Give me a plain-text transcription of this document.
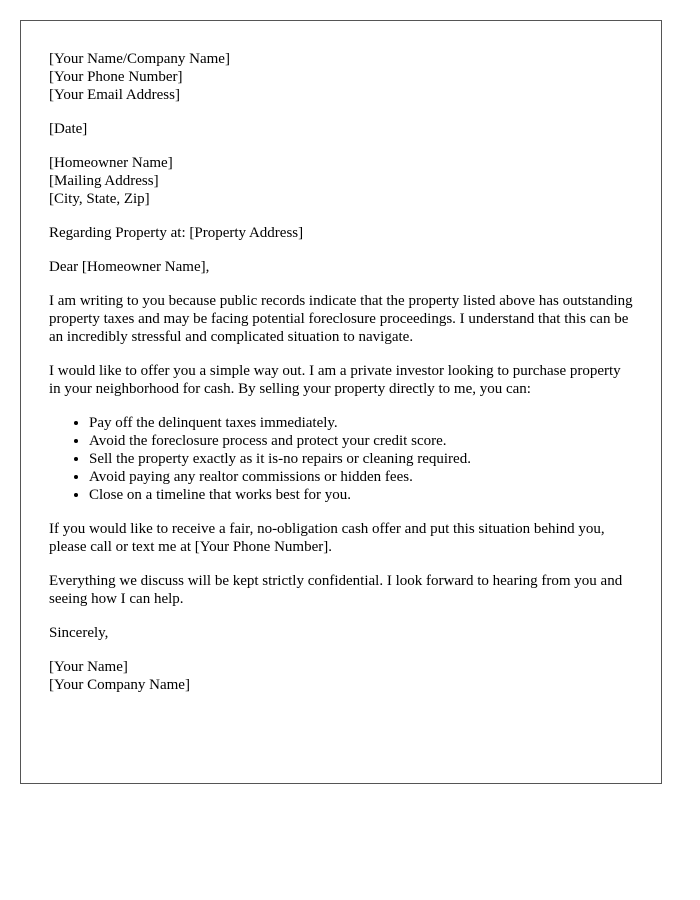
[Your Name/Company Name]
[Your Phone Number]
[Your Email Address]

[Date]

[Homeowner Name]
[Mailing Address]
[City, State, Zip]

Regarding Property at: [Property Address]

Dear [Homeowner Name],

I am writing to you because public records indicate that the property listed above has outstanding property taxes and may be facing potential foreclosure proceedings. I understand that this can be an incredibly stressful and complicated situation to navigate.

I would like to offer you a simple way out. I am a private investor looking to purchase property in your neighborhood for cash. By selling your property directly to me, you can:

• Pay off the delinquent taxes immediately.
• Avoid the foreclosure process and protect your credit score.
• Sell the property exactly as it is-no repairs or cleaning required.
• Avoid paying any realtor commissions or hidden fees.
• Close on a timeline that works best for you.

If you would like to receive a fair, no-obligation cash offer and put this situation behind you, please call or text me at [Your Phone Number].

Everything we discuss will be kept strictly confidential. I look forward to hearing from you and seeing how I can help.

Sincerely,

[Your Name]
[Your Company Name]
